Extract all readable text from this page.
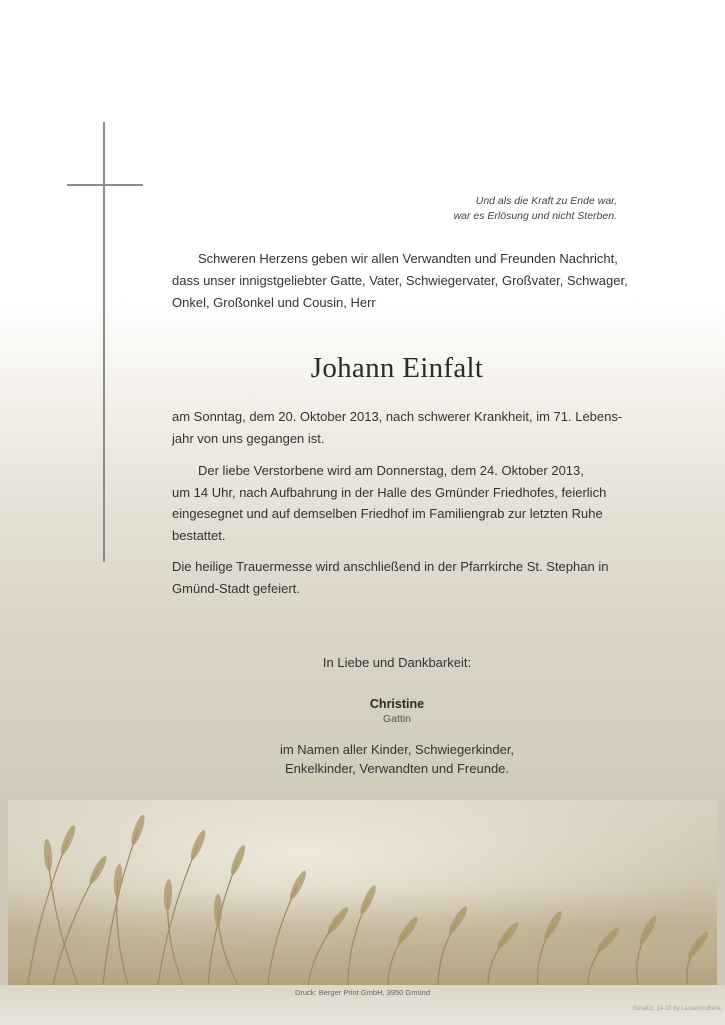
Und als die Kraft zu Ende war,
war es Erlösung und nicht Sterben.
Schweren Herzens geben wir allen Verwandten und Freunden Nachricht,
dass unser innigstgeliebter Gatte, Vater, Schwiegervater, Großvater, Schwager,
Onkel, Großonkel und Cousin, Herr
Johann Einfalt
am Sonntag, dem 20. Oktober 2013, nach schwerer Krankheit, im 71. Lebens-
jahr von uns gegangen ist.
Der liebe Verstorbene wird am Donnerstag, dem 24. Oktober 2013,
um 14 Uhr, nach Aufbahrung in der Halle des Gmünder Friedhofes, feierlich
eingesegnet und auf demselben Friedhof im Familiengrab zur letzten Ruhe
bestattet.
Die heilige Trauermesse wird anschließend in der Pfarrkirche St. Stephan in
Gmünd-Stadt gefeiert.
In Liebe und Dankbarkeit:
Christine
Gattin
im Namen aller Kinder, Schwiegerkinder,
Enkelkinder, Verwandten und Freunde.
Druck: Berger Print GmbH, 3950 Gmünd
Gesetzl. 14-10 by LasseVonBeck
